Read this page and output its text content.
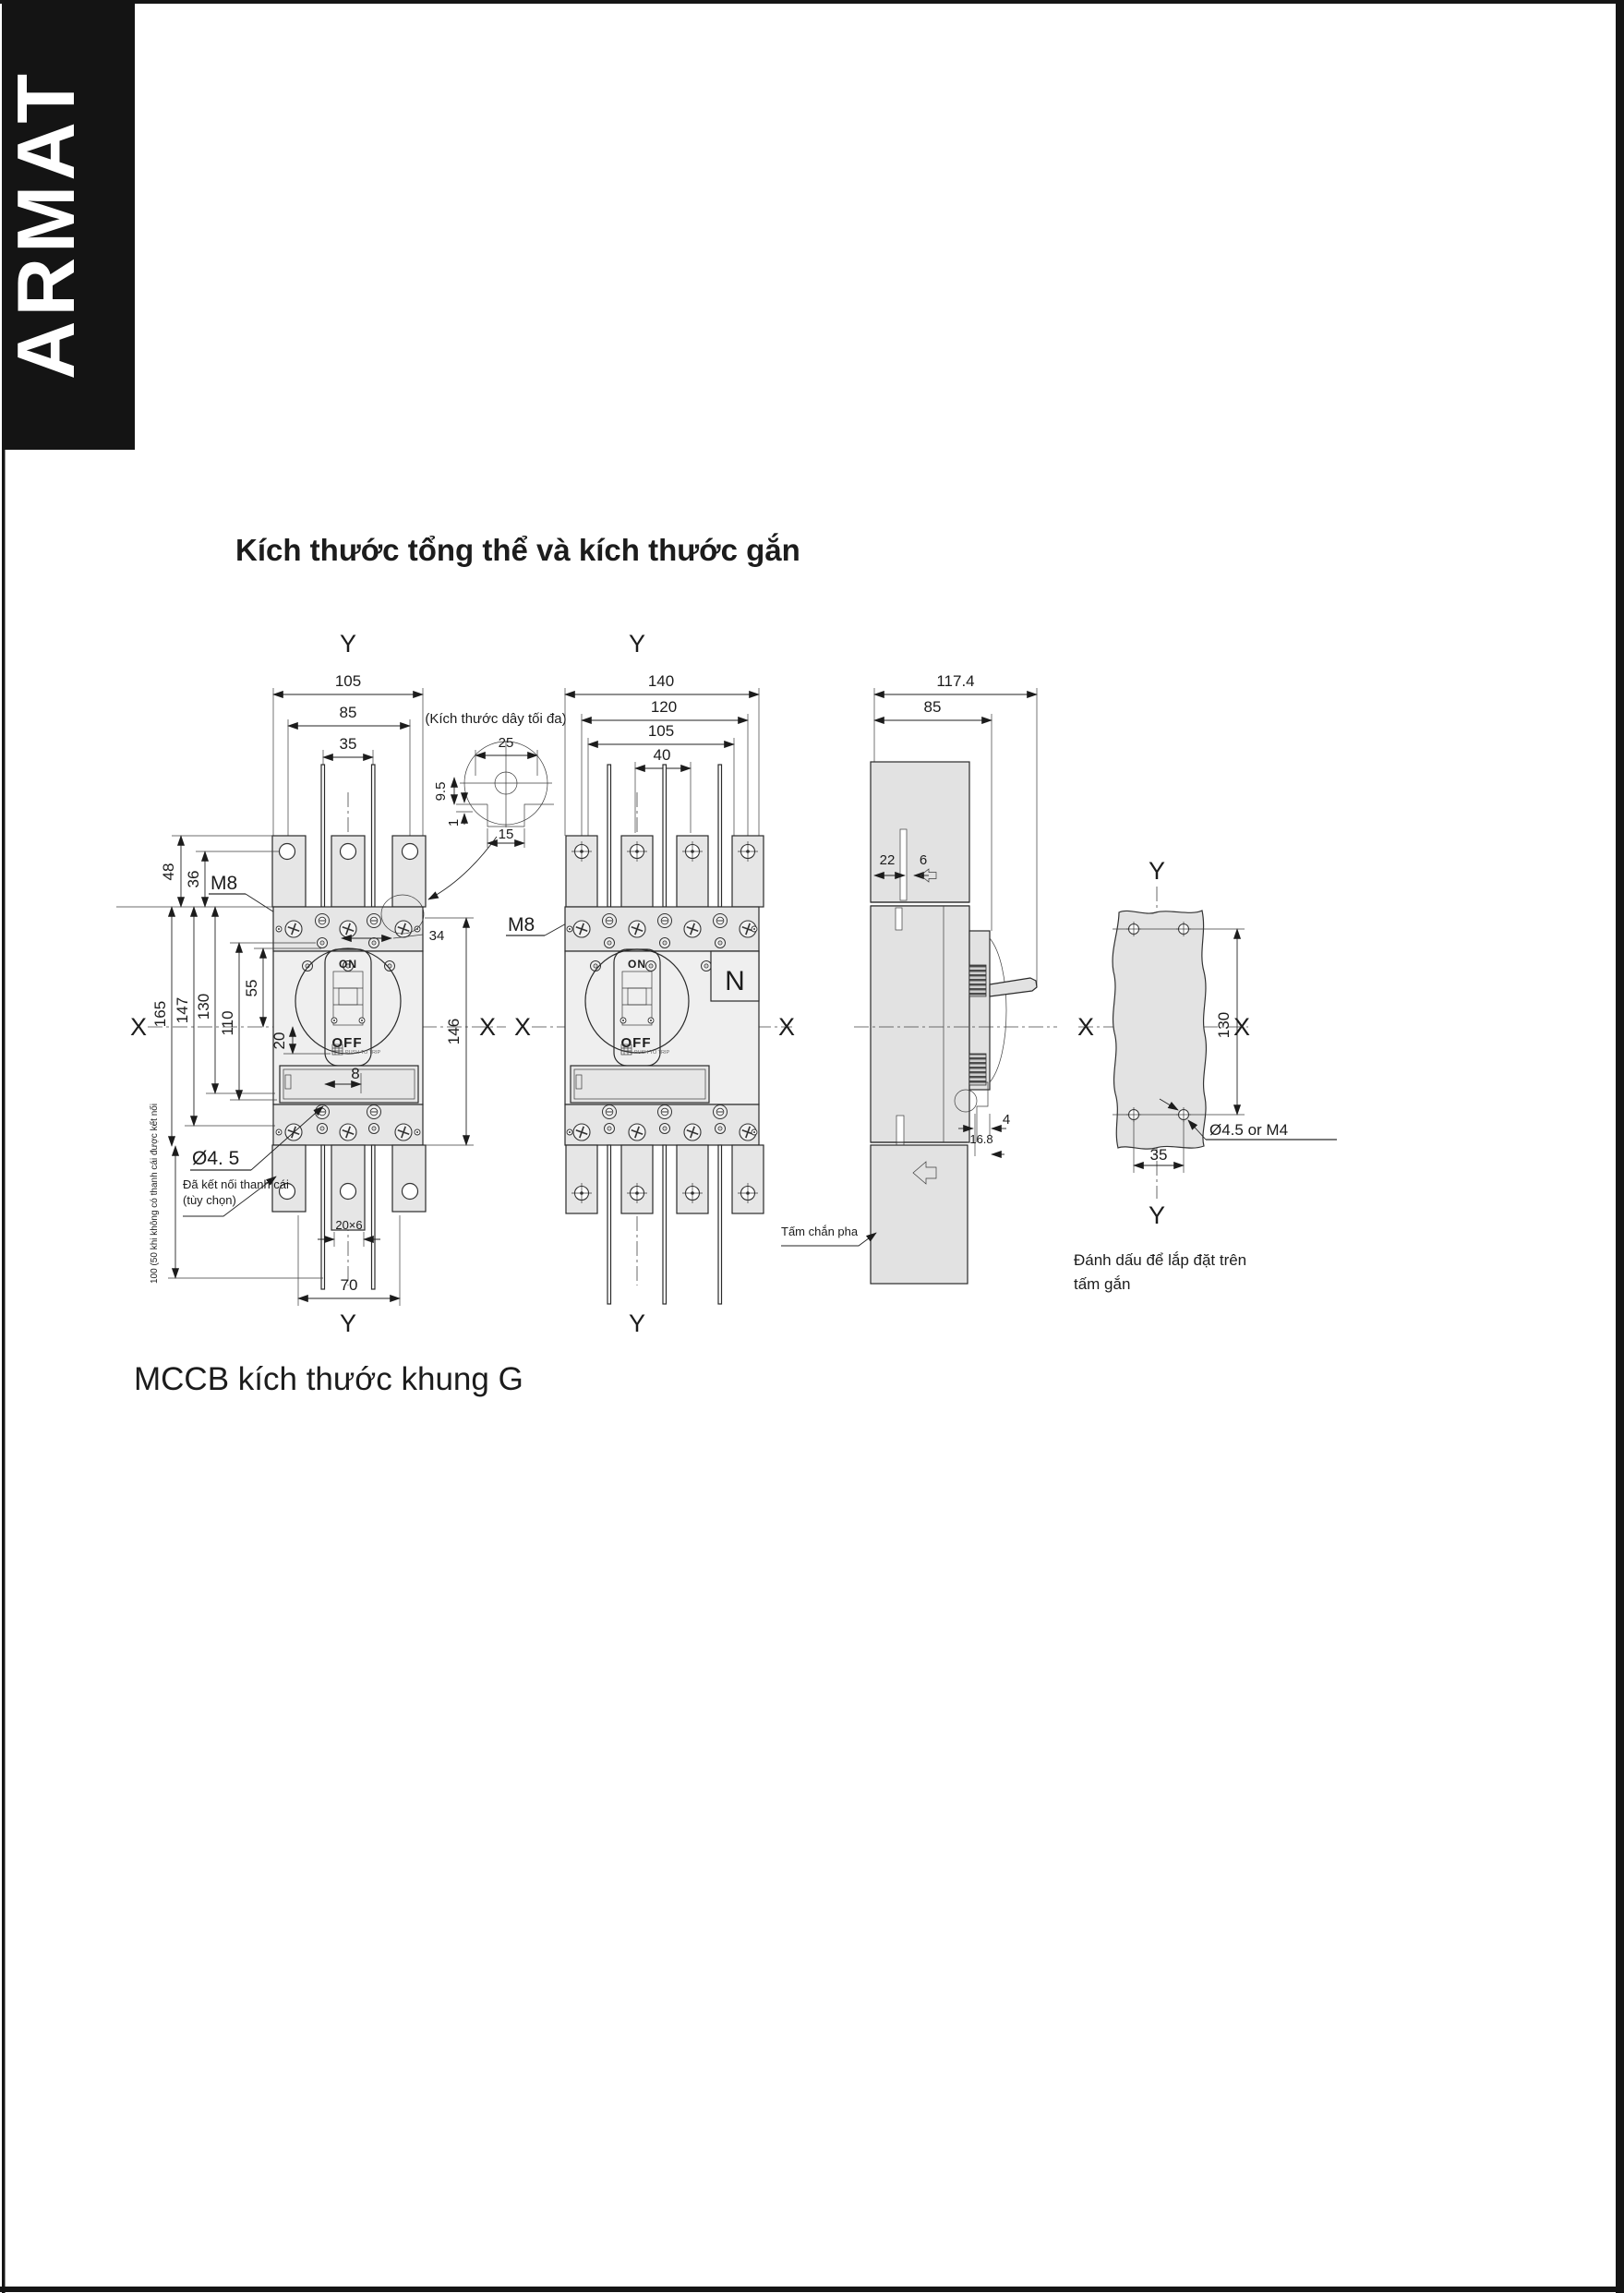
ARMAT
Kích thước tổng thể và kích thước gắn
Y
X	X
105
85
35
48 36 M8
34
ON
OFF
PUSH TO TRIP
20
8
165 147 130
110
55
146
Ø4. 5
Đã kết nối thanh cái
(tùy chọn)
100 (50 khi không có thanh cái được kết nối	20×6
70
Y
(Kích thước dây tối đa)
25
9.5
1
15
Y
X	X
140
120
105
40
M8
N
ON
OFF
PUSH TO TRIP
Y
117.4
85
22 6
4
16.8
Tấm chắn pha
Y
Y
X	X
130
Ø4.5 or M4
35
Đánh dấu để lắp đặt trên
tấm gắn
MCCB kích thước khung G
